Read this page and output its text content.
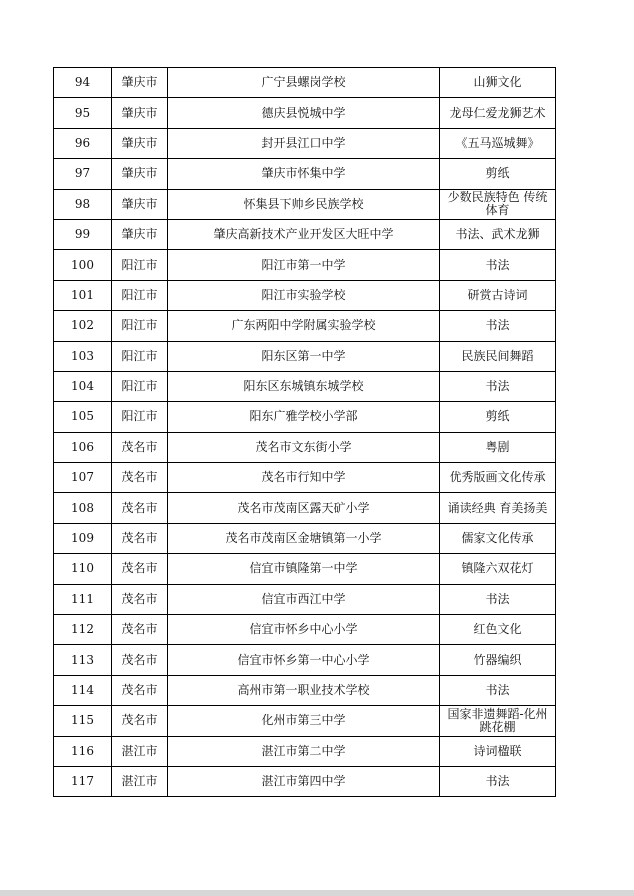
94	肇庆市	广宁县螺岗学校	山狮文化
95	肇庆市	德庆县悦城中学	龙母仁爱龙狮艺术
96	肇庆市	封开县江口中学	《五马巡城舞》
97	肇庆市	肇庆市怀集中学	剪纸
98	肇庆市	怀集县下帅乡民族学校	少数民族特色 传统体育
99	肇庆市	肇庆高新技术产业开发区大旺中学	书法、武术龙狮
100	阳江市	阳江市第一中学	书法
101	阳江市	阳江市实验学校	研赏古诗词
102	阳江市	广东两阳中学附属实验学校	书法
103	阳江市	阳东区第一中学	民族民间舞蹈
104	阳江市	阳东区东城镇东城学校	书法
105	阳江市	阳东广雅学校小学部	剪纸
106	茂名市	茂名市文东街小学	粤剧
107	茂名市	茂名市行知中学	优秀版画文化传承
108	茂名市	茂名市茂南区露天矿小学	诵读经典 育美扬美
109	茂名市	茂名市茂南区金塘镇第一小学	儒家文化传承
110	茂名市	信宜市镇隆第一中学	镇隆六双花灯
111	茂名市	信宜市西江中学	书法
112	茂名市	信宜市怀乡中心小学	红色文化
113	茂名市	信宜市怀乡第一中心小学	竹器编织
114	茂名市	高州市第一职业技术学校	书法
115	茂名市	化州市第三中学	国家非遗舞蹈-化州跳花棚
116	湛江市	湛江市第二中学	诗词楹联
117	湛江市	湛江市第四中学	书法
